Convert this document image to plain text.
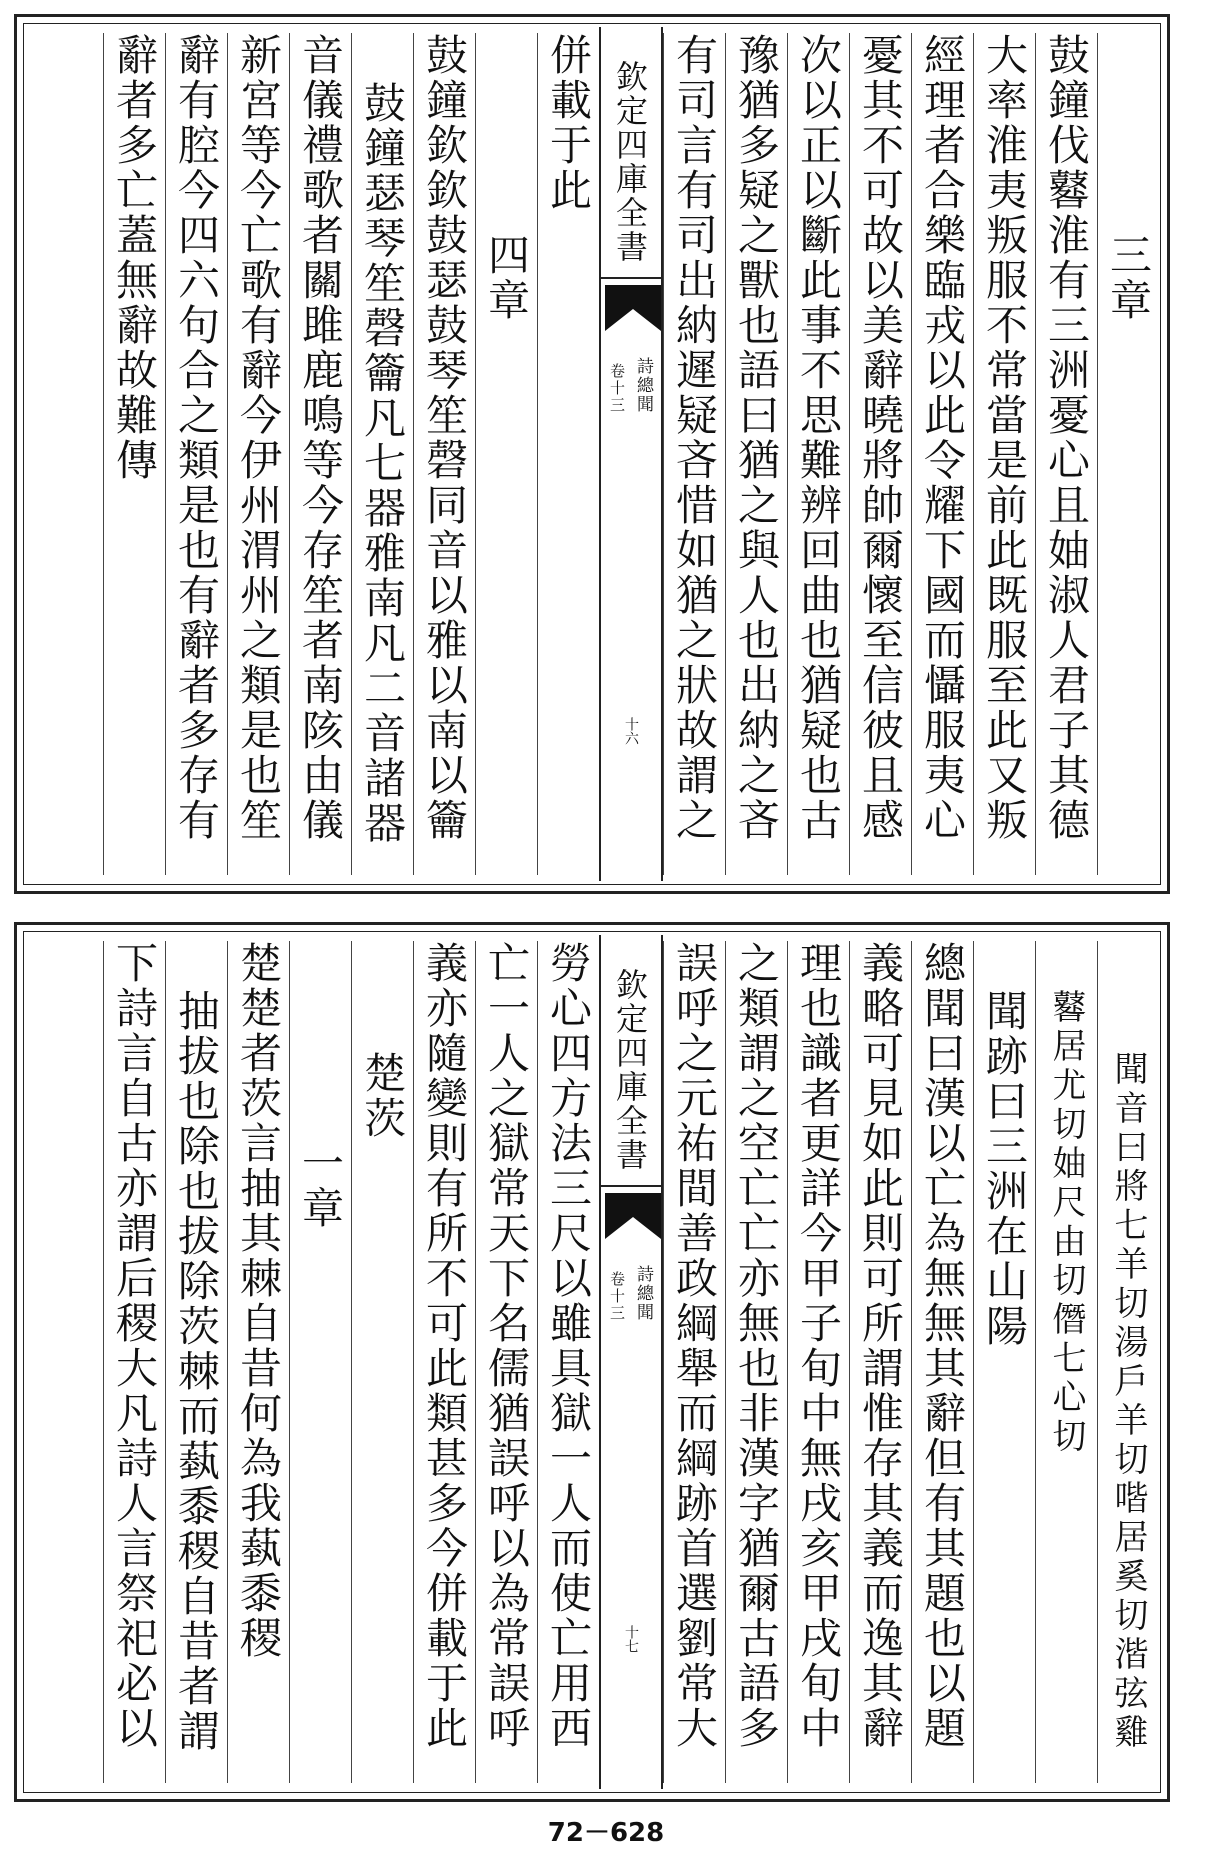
三章
鼓鐘伐鼛淮有三洲憂心且妯淑人君子其德
大率淮夷叛服不常當是前此既服至此又叛
經理者合樂臨戎以此令耀下國而懾服夷心
憂其不可故以美辭曉將帥爾懷至信彼且感
次以正以斷此事不思難辨回曲也猶疑也古
豫猶多疑之獸也語曰猶之與人也出納之吝
有司言有司出納遲疑吝惜如猶之狀故謂之
欽定四庫全書
詩總聞
卷十三
十六
併載于此
四章
鼓鐘欽欽鼓瑟鼓琴笙磬同音以雅以南以籥
鼓鐘瑟琴笙磬籥凡七器雅南凡二音諸器
音儀禮歌者關雎鹿鳴等今存笙者南陔由儀
新宮等今亡歌有辭今伊州渭州之類是也笙
辭有腔今四六句合之類是也有辭者多存有
辭者多亡蓋無辭故難傳
聞音曰將七羊切湯戶羊切喈居奚切湝弦雞
鼛居尤切妯尺由切僭七心切
聞跡曰三洲在山陽
總聞曰漢以亡為無無其辭但有其題也以題
義略可見如此則可所謂惟存其義而逸其辭
理也識者更詳今甲子旬中無戌亥甲戌旬中
之類謂之空亡亡亦無也非漢字猶爾古語多
誤呼之元祐間善政綱舉而綱跡首選劉常大
欽定四庫全書
詩總聞
卷十三
十七
勞心四方法三尺以雖具獄一人而使亡用西
亡一人之獄常天下名儒猶誤呼以為常誤呼
義亦隨變則有所不可此類甚多今併載于此
楚茨
一章
楚楚者茨言抽其棘自昔何為我蓺黍稷
抽拔也除也拔除茨棘而蓺黍稷自昔者謂
下詩言自古亦謂后稷大凡詩人言祭祀必以
72－628
